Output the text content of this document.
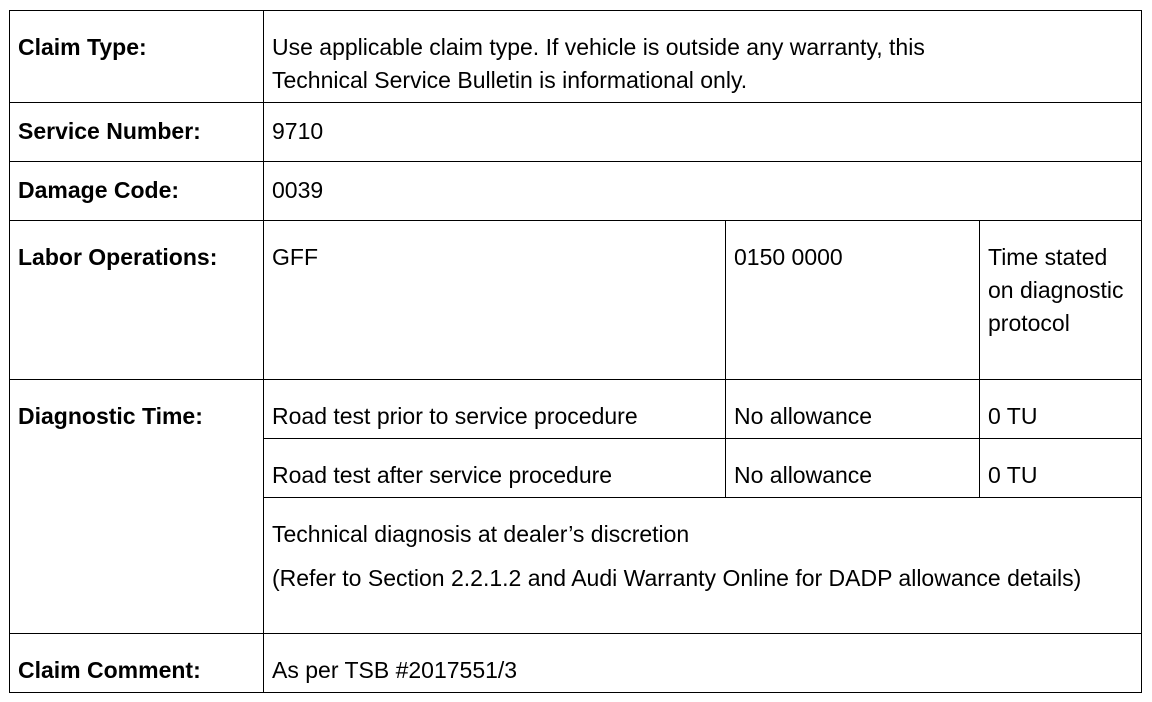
Claim Type:	Use applicable claim type. If vehicle is outside any warranty, this
Technical Service Bulletin is informational only.		

Service Number:	9710		
Damage Code:	0039		
Labor Operations:	GFF	0150 0000	Time stated on diagnostic protocol
Diagnostic Time:	Road test prior to service procedure	No allowance	0 TU
	Road test after service procedure	No allowance	0 TU

	Technical diagnosis at dealer’s discretion
(Refer to Section 2.2.1.2 and Audi Warranty Online for DADP allowance details)		

Claim Comment:	As per TSB #2017551/3		
